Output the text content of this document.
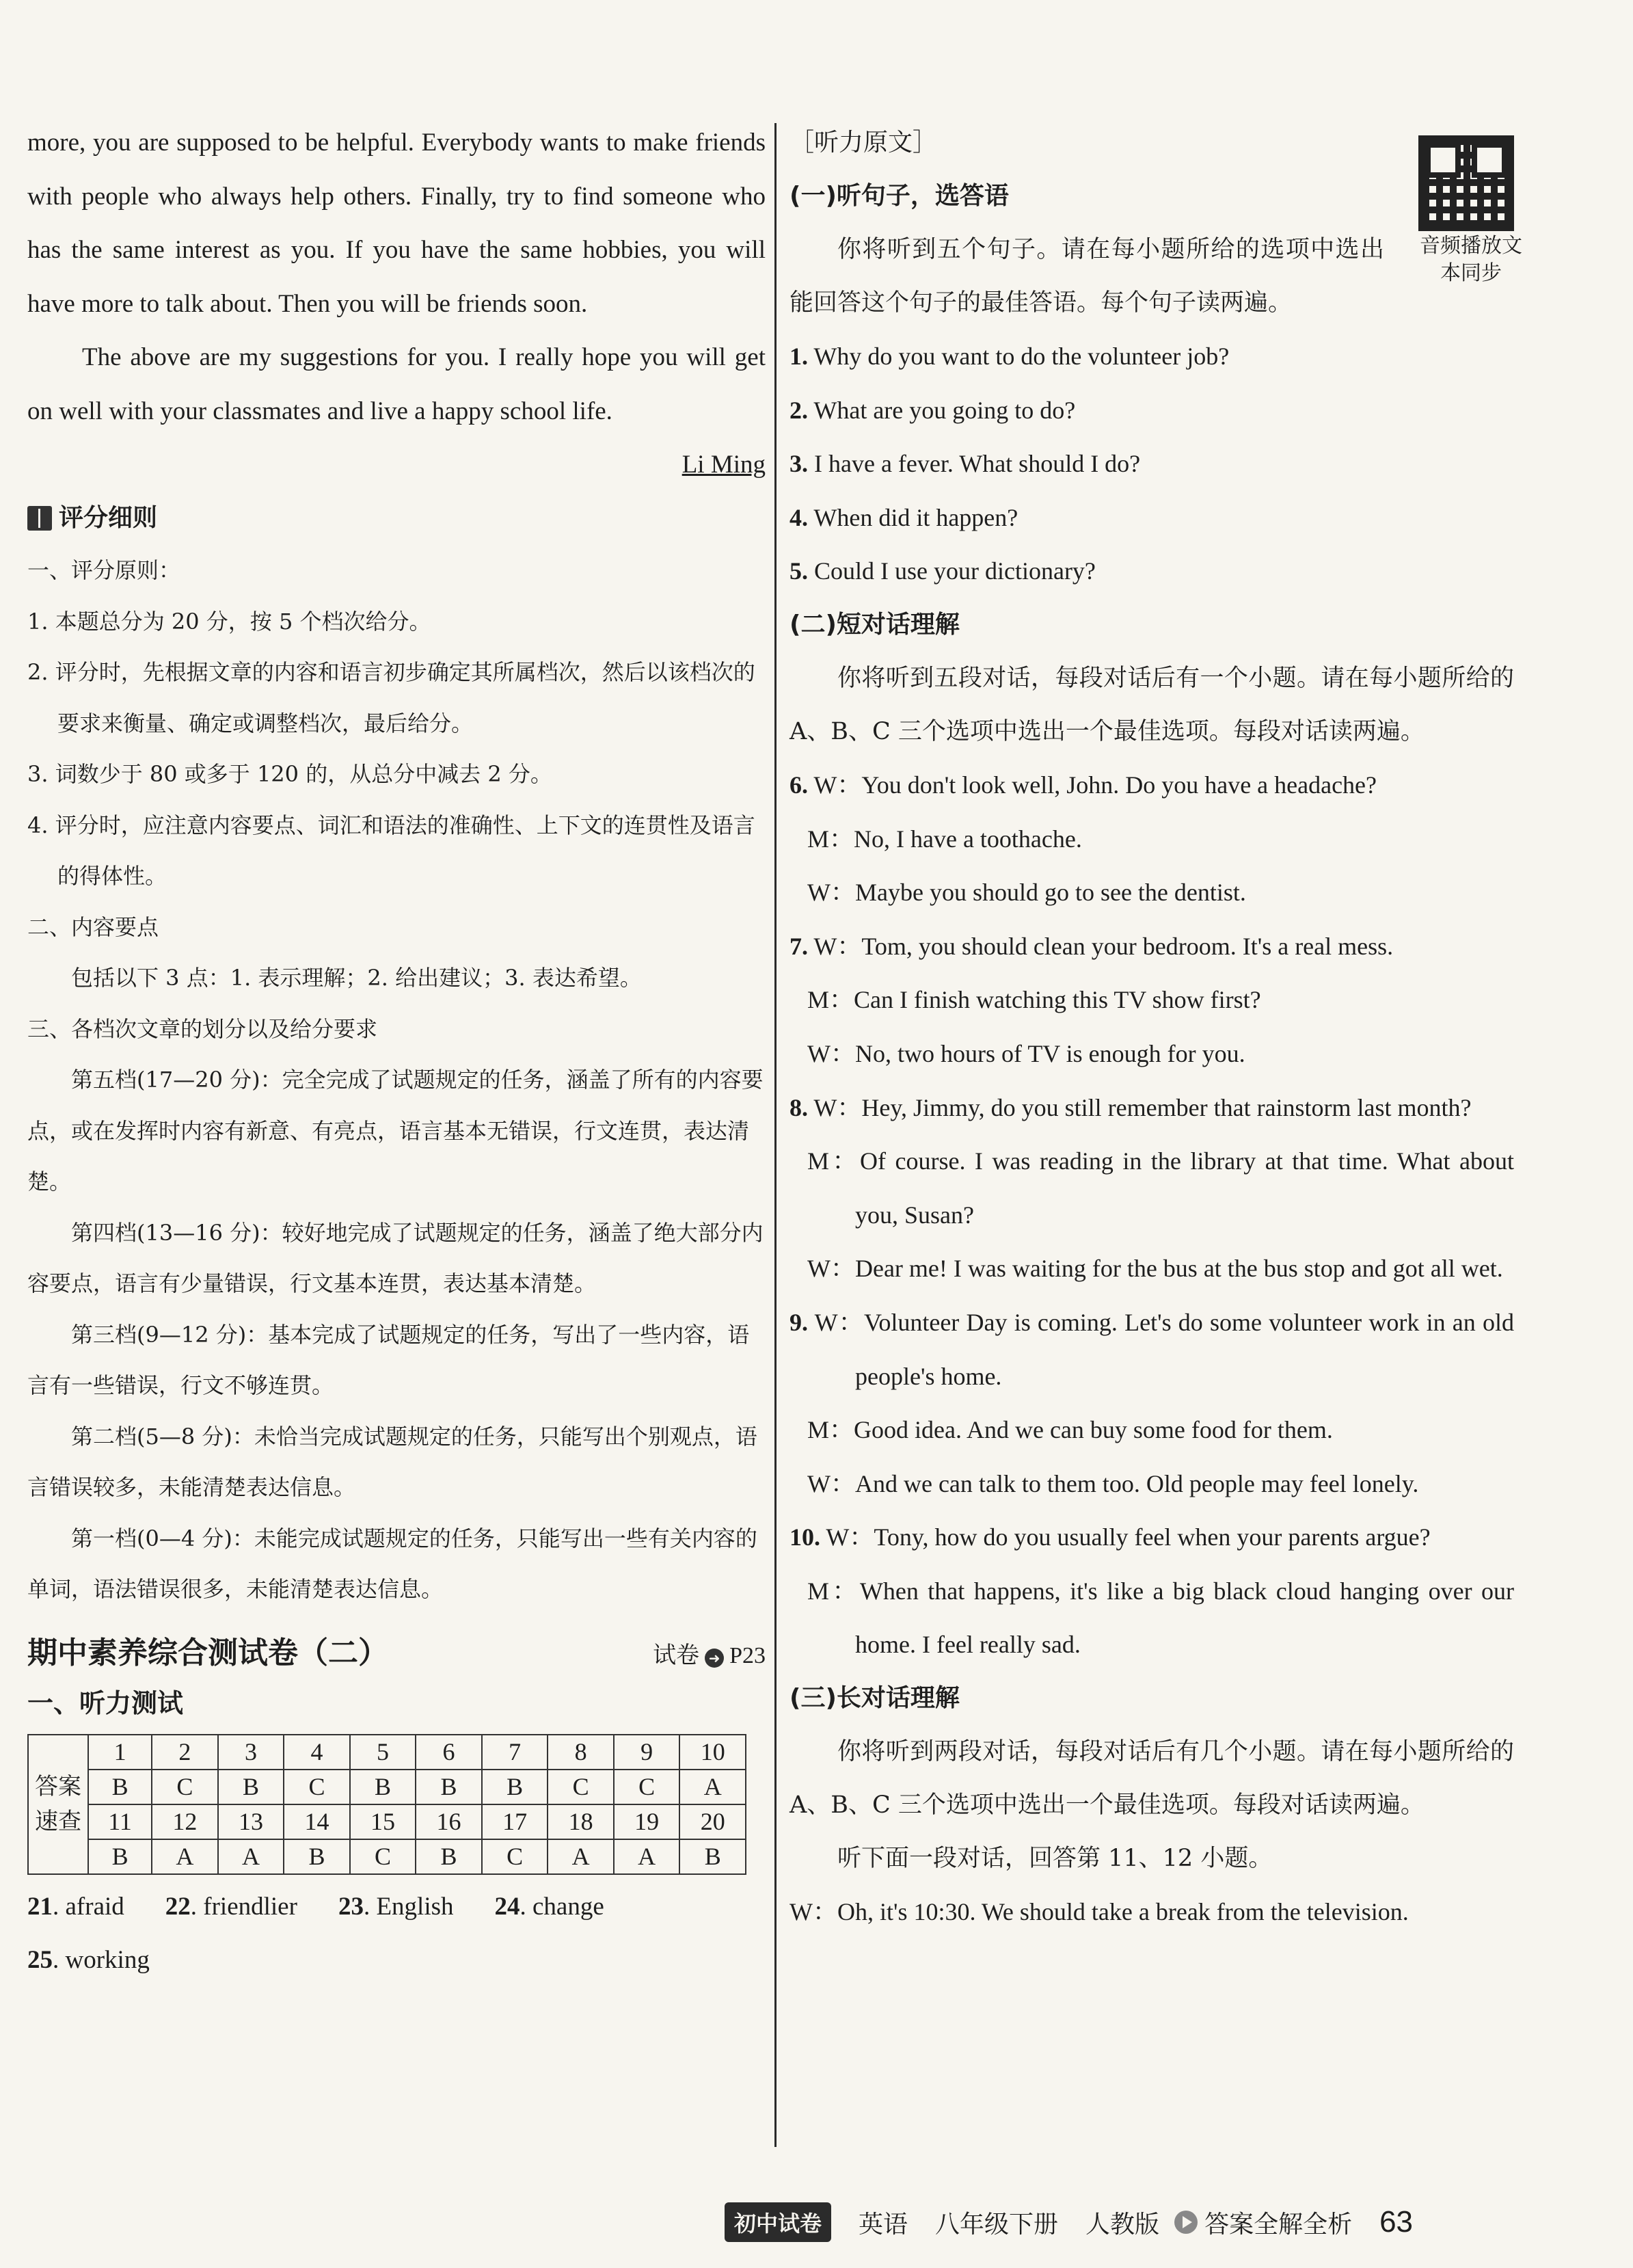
more, you are supposed to be helpful. Everybody wants to make friends with people who always help others. Finally, try to find someone who has the same interest as you. If you have the same hobbies, you will have more to talk about. Then you will be friends soon.

The above are my suggestions for you. I really hope you will get on well with your classmates and live a happy school life.

Li Ming
评分细则

一、评分原则：

1. 本题总分为 20 分，按 5 个档次给分。

2. 评分时，先根据文章的内容和语言初步确定其所属档次，然后以该档次的要求来衡量、确定或调整档次，最后给分。

3. 词数少于 80 或多于 120 的，从总分中减去 2 分。

4. 评分时，应注意内容要点、词汇和语法的准确性、上下文的连贯性及语言的得体性。

二、内容要点

包括以下 3 点：1. 表示理解；2. 给出建议；3. 表达希望。

三、各档次文章的划分以及给分要求

第五档(17—20 分)：完全完成了试题规定的任务，涵盖了所有的内容要点，或在发挥时内容有新意、有亮点，语言基本无错误，行文连贯，表达清楚。

第四档(13—16 分)：较好地完成了试题规定的任务，涵盖了绝大部分内容要点，语言有少量错误，行文基本连贯，表达基本清楚。

第三档(9—12 分)：基本完成了试题规定的任务，写出了一些内容，语言有一些错误，行文不够连贯。

第二档(5—8 分)：未恰当完成试题规定的任务，只能写出个别观点，语言错误较多，未能清楚表达信息。

第一档(0—4 分)：未能完成试题规定的任务，只能写出一些有关内容的单词，语法错误很多，未能清楚表达信息。

期中素养综合测试卷（二）	试卷 ➜ P23
一、听力测试
	1	2	3	4	5	6	7	8	9	10
答案	B	C	B	C	B	B	B	C	C	A
速查	11	12	13	14	15	16	17	18	19	20
	B	A	A	B	C	B	C	A	A	B
21. afraid 22. friendlier 23. English 24. change
25. working
音频播放文本同步
［听力原文］
(一)听句子，选答语

你将听到五个句子。请在每小题所给的选项中选出能回答这个句子的最佳答语。每个句子读两遍。

1. Why do you want to do the volunteer job?

2. What are you going to do?

3. I have a fever. What should I do?

4. When did it happen?

5. Could I use your dictionary?

(二)短对话理解

你将听到五段对话，每段对话后有一个小题。请在每小题所给的 A、B、C 三个选项中选出一个最佳选项。每段对话读两遍。

6. W：You don't look well, John. Do you have a headache?

M：No, I have a toothache.

W：Maybe you should go to see the dentist.

7. W：Tom, you should clean your bedroom. It's a real mess.

M：Can I finish watching this TV show first?

W：No, two hours of TV is enough for you.

8. W：Hey, Jimmy, do you still remember that rainstorm last month?

M：Of course. I was reading in the library at that time. What about you, Susan?

W：Dear me! I was waiting for the bus at the bus stop and got all wet.

9. W：Volunteer Day is coming. Let's do some volunteer work in an old people's home.

M：Good idea. And we can buy some food for them.

W：And we can talk to them too. Old people may feel lonely.

10. W：Tony, how do you usually feel when your parents argue?

M：When that happens, it's like a big black cloud hanging over our home. I feel really sad.

(三)长对话理解

你将听到两段对话，每段对话后有几个小题。请在每小题所给的 A、B、C 三个选项中选出一个最佳选项。每段对话读两遍。

听下面一段对话，回答第 11、12 小题。

W：Oh, it's 10:30. We should take a break from the television.

初中试卷	英语 八年级下册 人教版 答案全解全析 63
